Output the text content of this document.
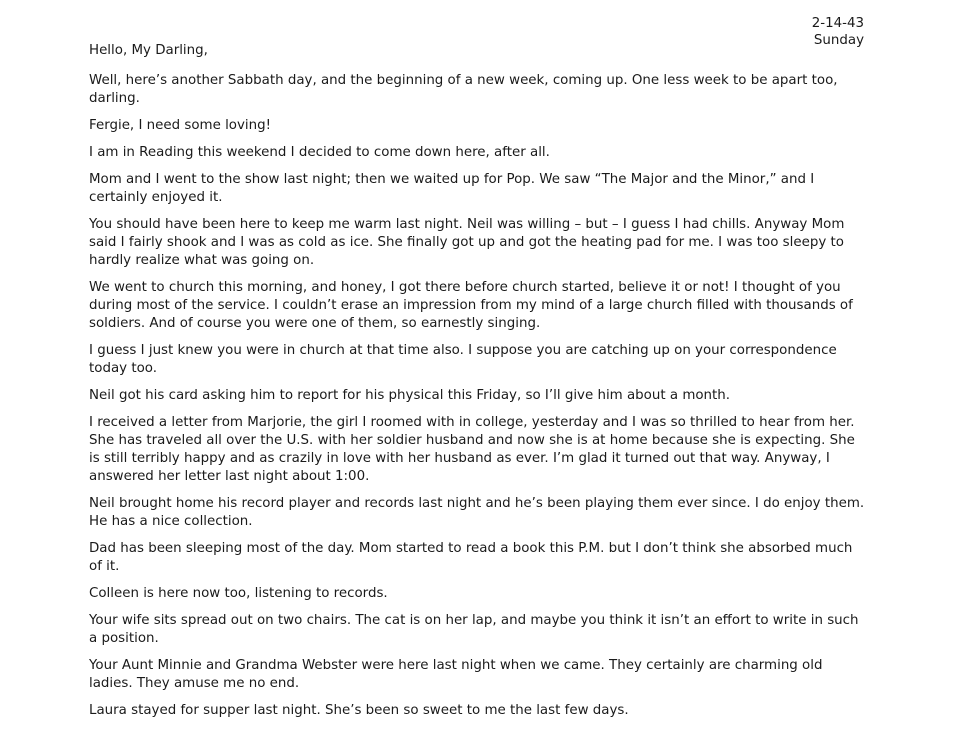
2-14-43
Sunday

Hello, My Darling,

Well, here’s another Sabbath day, and the beginning of a new week, coming up. One less week to be apart too, darling.

Fergie, I need some loving!

I am in Reading this weekend I decided to come down here, after all.

Mom and I went to the show last night; then we waited up for Pop. We saw “The Major and the Minor,” and I certainly enjoyed it.

You should have been here to keep me warm last night. Neil was willing – but – I guess I had chills. Anyway Mom said I fairly shook and I was as cold as ice. She finally got up and got the heating pad for me. I was too sleepy to hardly realize what was going on.

We went to church this morning, and honey, I got there before church started, believe it or not! I thought of you during most of the service. I couldn’t erase an impression from my mind of a large church filled with thousands of soldiers. And of course you were one of them, so earnestly singing.

I guess I just knew you were in church at that time also. I suppose you are catching up on your correspondence today too.

Neil got his card asking him to report for his physical this Friday, so I’ll give him about a month.

I received a letter from Marjorie, the girl I roomed with in college, yesterday and I was so thrilled to hear from her. She has traveled all over the U.S. with her soldier husband and now she is at home because she is expecting. She is still terribly happy and as crazily in love with her husband as ever. I’m glad it turned out that way. Anyway, I answered her letter last night about 1:00.

Neil brought home his record player and records last night and he’s been playing them ever since. I do enjoy them. He has a nice collection.

Dad has been sleeping most of the day. Mom started to read a book this P.M. but I don’t think she absorbed much of it.

Colleen is here now too, listening to records.

Your wife sits spread out on two chairs. The cat is on her lap, and maybe you think it isn’t an effort to write in such a position.

Your Aunt Minnie and Grandma Webster were here last night when we came. They certainly are charming old ladies. They amuse me no end.

Laura stayed for supper last night. She’s been so sweet to me the last few days.
